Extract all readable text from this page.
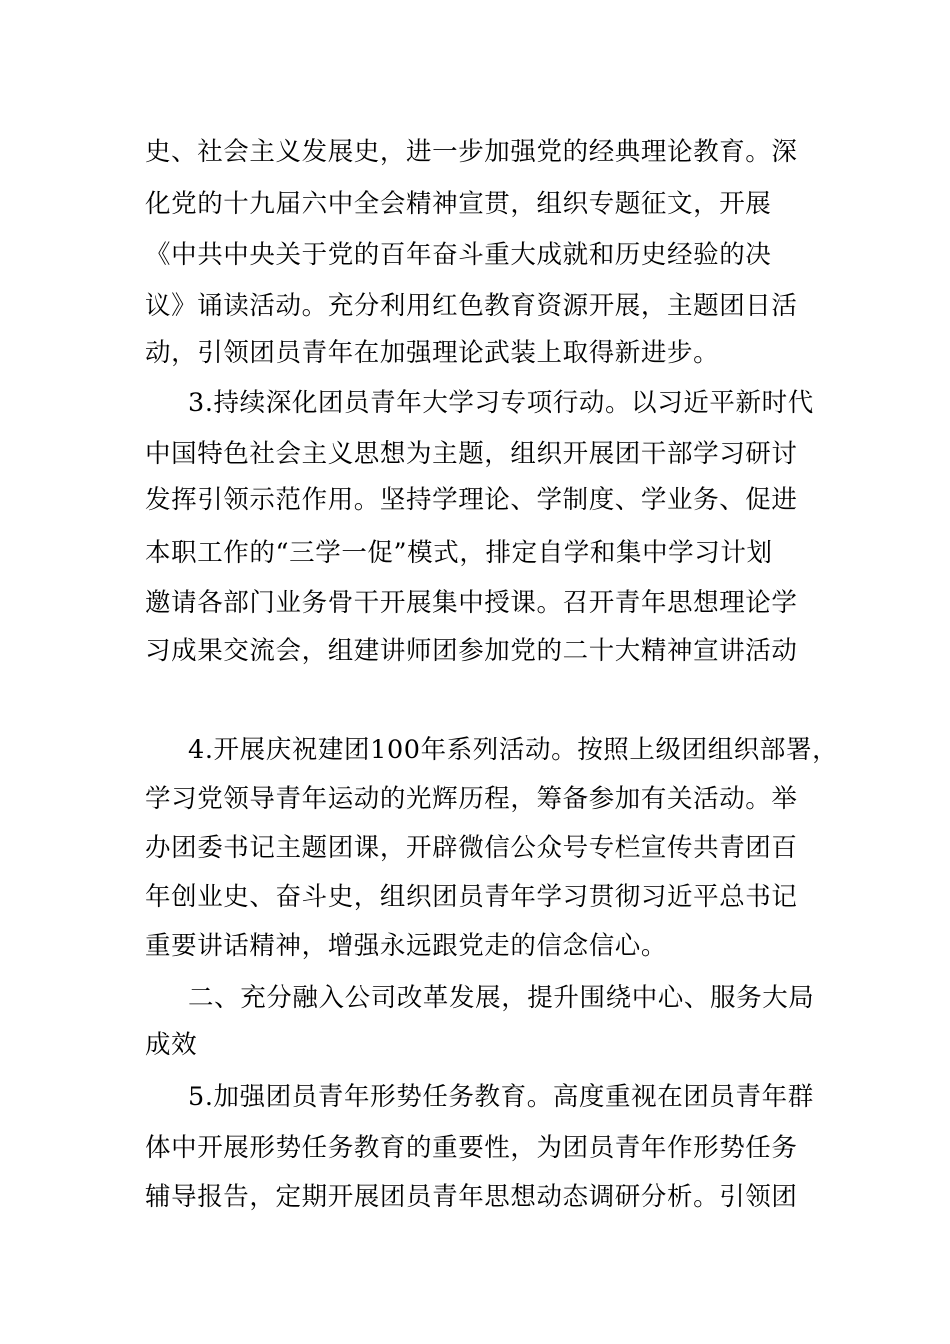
史、社会主义发展史，进一步加强党的经典理论教育。深
化党的十九届六中全会精神宣贯，组织专题征文，开展
《中共中央关于党的百年奋斗重大成就和历史经验的决
议》诵读活动。充分利用红色教育资源开展，主题团日活
动，引领团员青年在加强理论武装上取得新进步。
3.持续深化团员青年大学习专项行动。以习近平新时代
中国特色社会主义思想为主题，组织开展团干部学习研讨
发挥引领示范作用。坚持学理论、学制度、学业务、促进
本职工作的“三学一促”模式，排定自学和集中学习计划
邀请各部门业务骨干开展集中授课。召开青年思想理论学
习成果交流会，组建讲师团参加党的二十大精神宣讲活动
4.开展庆祝建团100年系列活动。按照上级团组织部署，
学习党领导青年运动的光辉历程，筹备参加有关活动。举
办团委书记主题团课，开辟微信公众号专栏宣传共青团百
年创业史、奋斗史，组织团员青年学习贯彻习近平总书记
重要讲话精神，增强永远跟党走的信念信心。
二、充分融入公司改革发展，提升围绕中心、服务大局
成效
5.加强团员青年形势任务教育。高度重视在团员青年群
体中开展形势任务教育的重要性，为团员青年作形势任务
辅导报告，定期开展团员青年思想动态调研分析。引领团
